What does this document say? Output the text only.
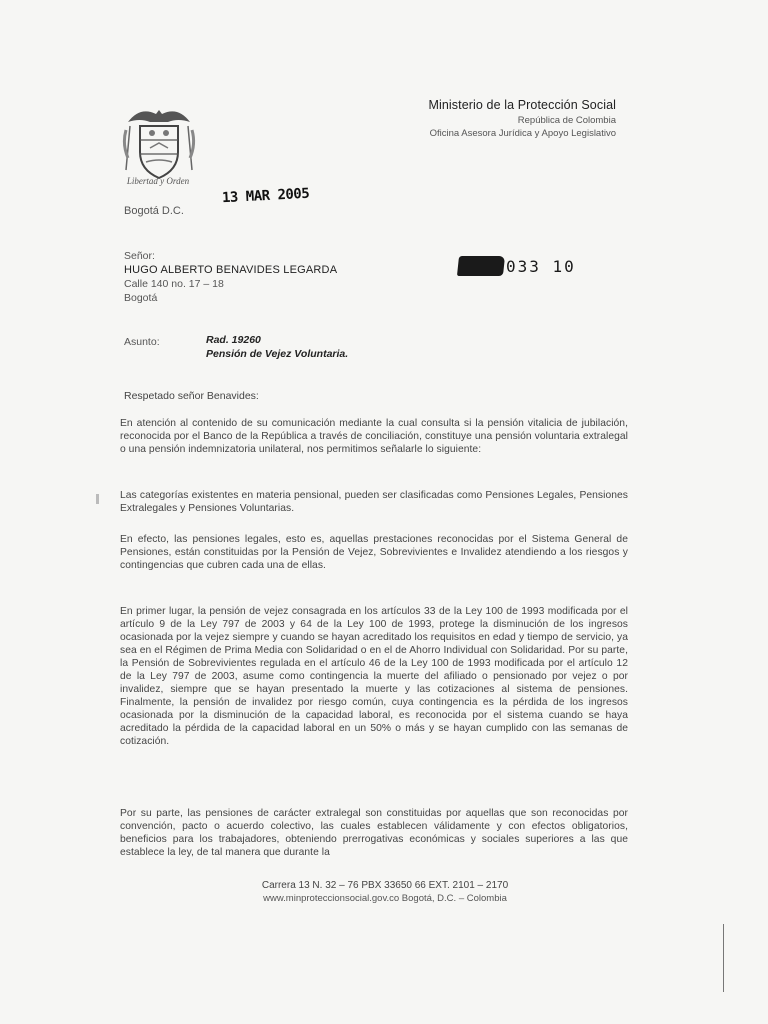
Libertad y Orden
Ministerio de la Protección Social
República de Colombia
Oficina Asesora Jurídica y Apoyo Legislativo
13 MAR 2005
Bogotá D.C.
Señor:
HUGO ALBERTO BENAVIDES LEGARDA
Calle 140 no. 17 – 18
Bogotá
033 10
Asunto:	Rad. 19260
Pensión de Vejez Voluntaria.
Respetado señor Benavides:
En atención al contenido de su comunicación mediante la cual consulta si la pensión vitalicia de jubilación, reconocida por el Banco de la República a través de conciliación, constituye una pensión voluntaria extralegal o una pensión indemnizatoria unilateral, nos permitimos señalarle lo siguiente:
Las categorías existentes en materia pensional, pueden ser clasificadas como Pensiones Legales, Pensiones Extralegales y Pensiones Voluntarias.
En efecto, las pensiones legales, esto es, aquellas prestaciones reconocidas por el Sistema General de Pensiones, están constituidas por la Pensión de Vejez, Sobrevivientes e Invalidez atendiendo a los riesgos y contingencias que cubren cada una de ellas.
En primer lugar, la pensión de vejez consagrada en los artículos 33 de la Ley 100 de 1993 modificada por el artículo 9 de la Ley 797 de 2003 y 64 de la Ley 100 de 1993, protege la disminución de los ingresos ocasionada por la vejez siempre y cuando se hayan acreditado los requisitos en edad y tiempo de servicio, ya sea en el Régimen de Prima Media con Solidaridad o en el de Ahorro Individual con Solidaridad. Por su parte, la Pensión de Sobrevivientes regulada en el artículo 46 de la Ley 100 de 1993 modificada por el artículo 12 de la Ley 797 de 2003, asume como contingencia la muerte del afiliado o pensionado por vejez o por invalidez, siempre que se hayan presentado la muerte y las cotizaciones al sistema de pensiones. Finalmente, la pensión de invalidez por riesgo común, cuya contingencia es la pérdida de los ingresos ocasionada por la disminución de la capacidad laboral, es reconocida por el sistema cuando se haya acreditado la pérdida de la capacidad laboral en un 50% o más y se hayan cumplido con las semanas de cotización.
Por su parte, las pensiones de carácter extralegal son constituidas por aquellas que son reconocidas por convención, pacto o acuerdo colectivo, las cuales establecen válidamente y con efectos obligatorios, beneficios para los trabajadores, obteniendo prerrogativas económicas y sociales superiores a las que establece la ley, de tal manera que durante la
Carrera 13 N. 32 – 76 PBX 33650 66 EXT. 2101 – 2170
www.minproteccionsocial.gov.co Bogotá, D.C. – Colombia
